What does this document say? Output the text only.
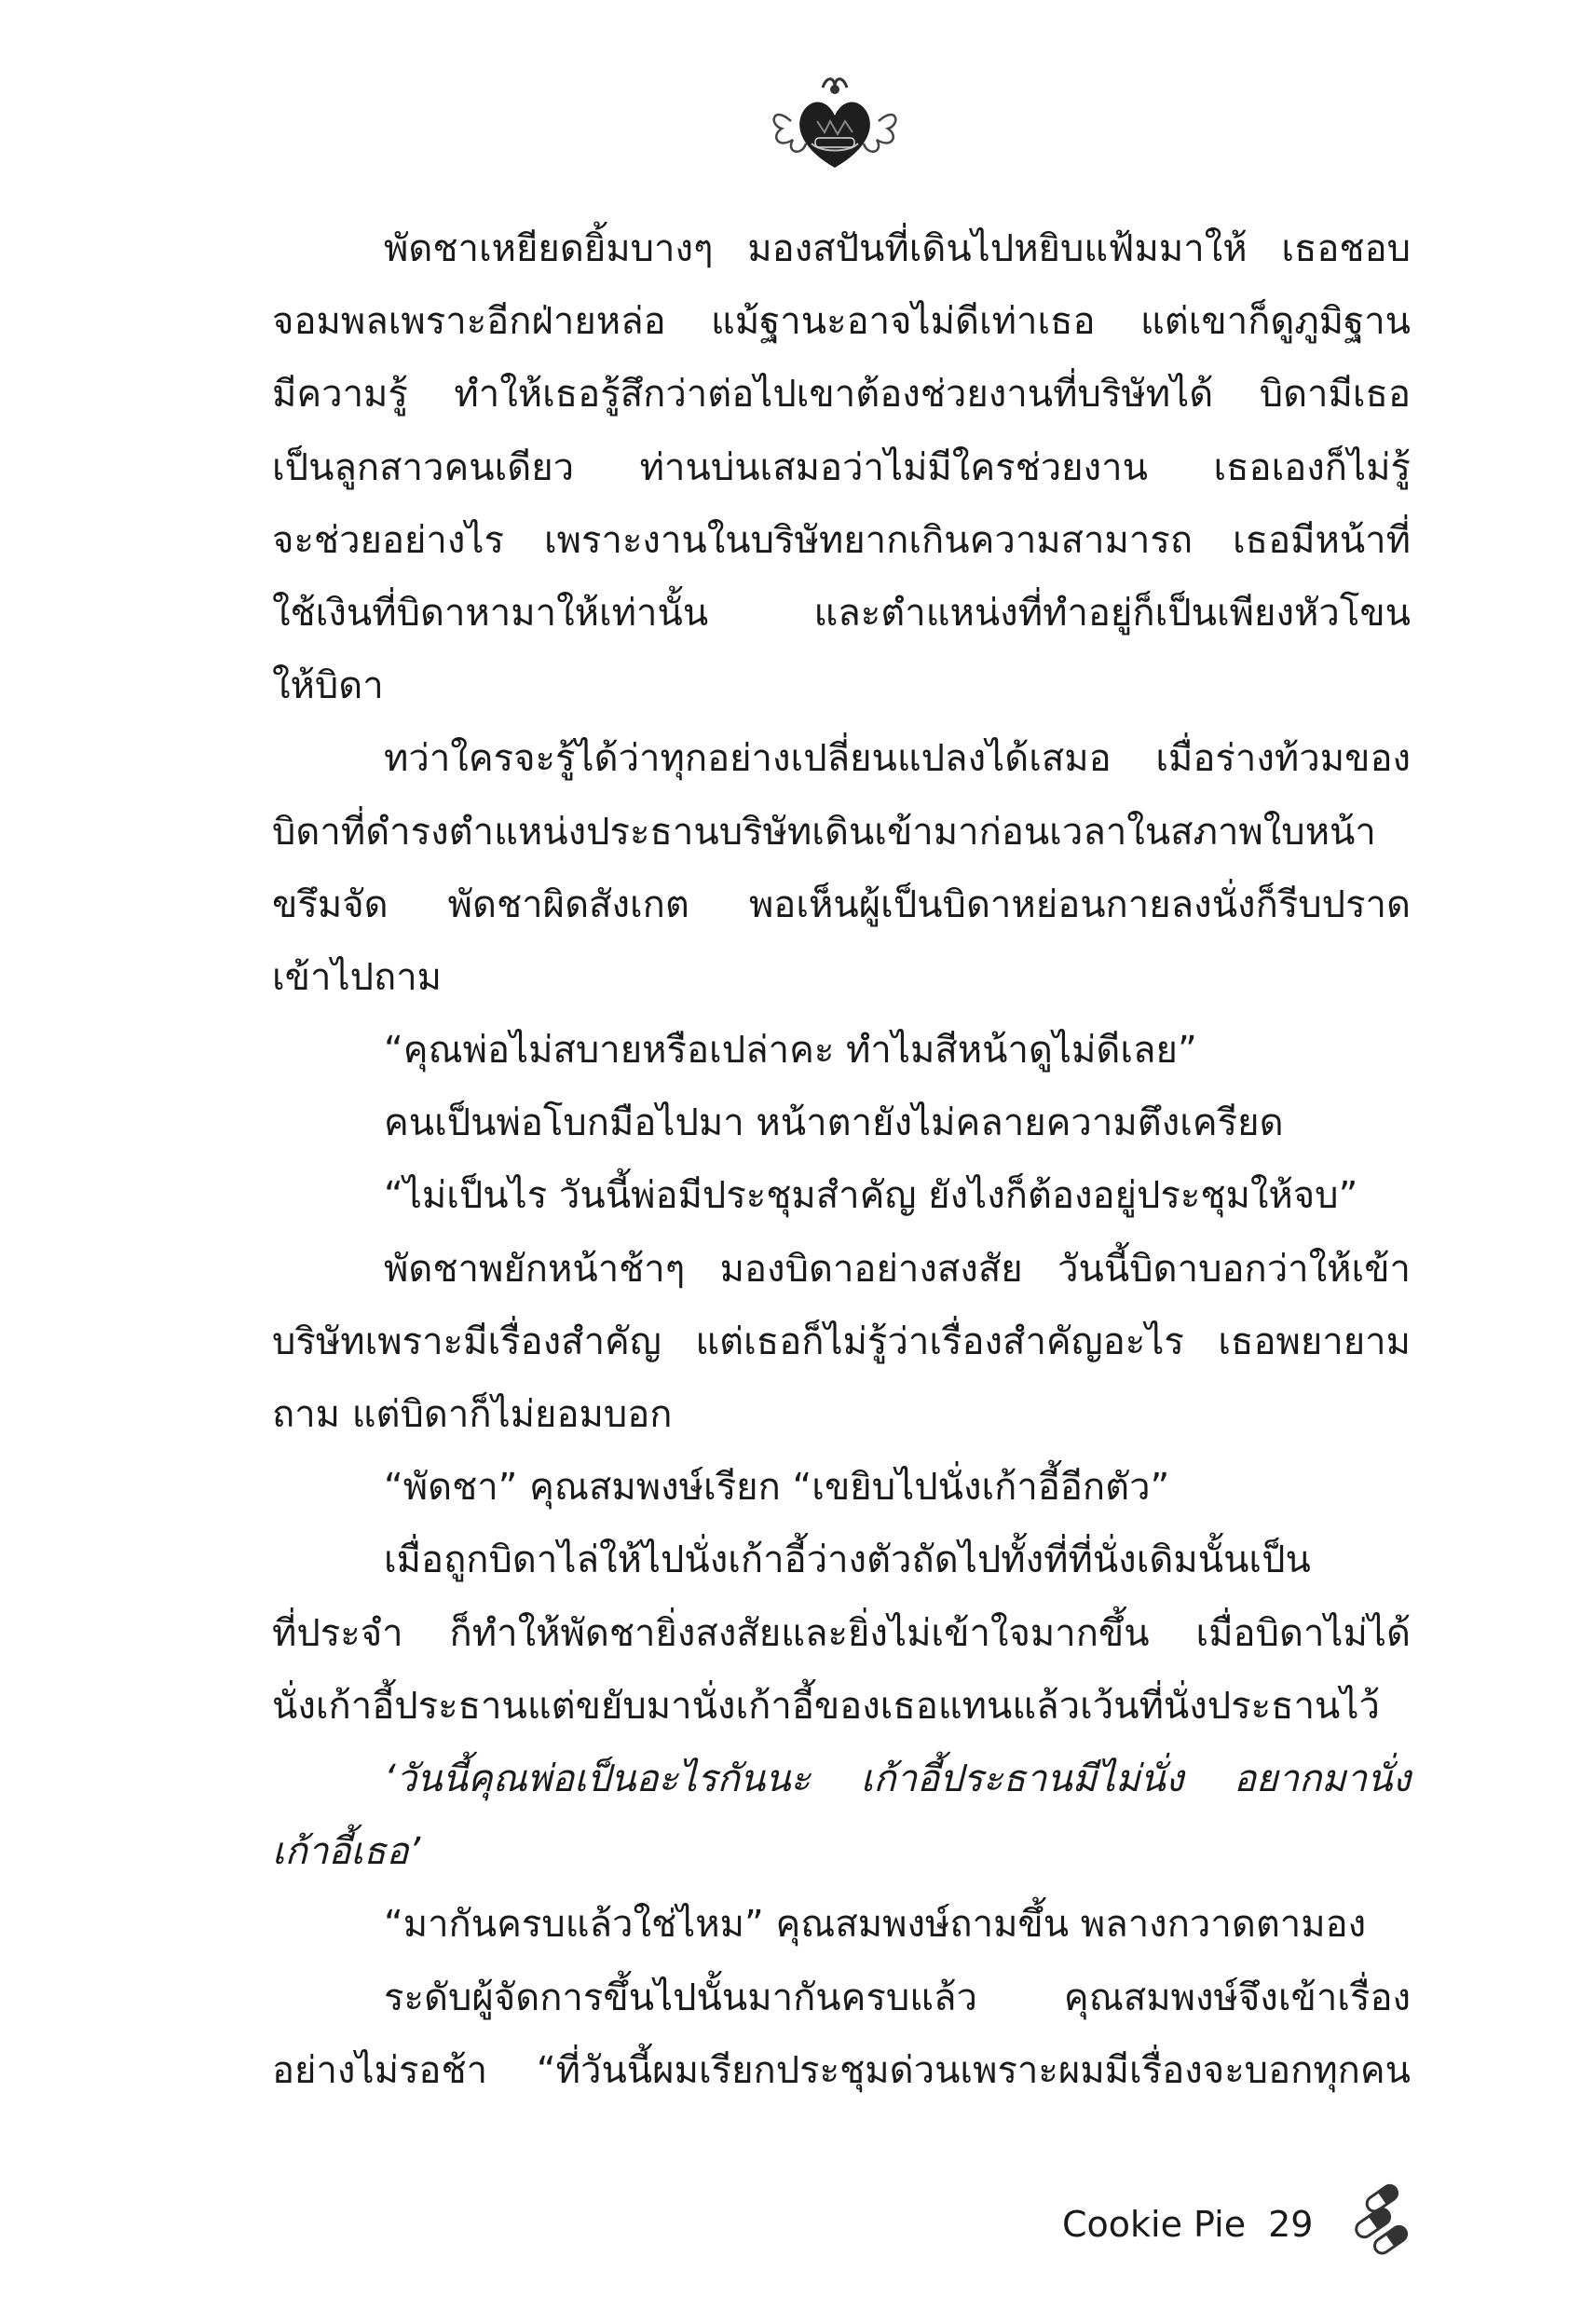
พัดชาเหยียดยิ้มบางๆ มองสปันที่เดินไปหยิบแฟ้มมาให้ เธอชอบ
จอมพลเพราะอีกฝ่ายหล่อ แม้ฐานะอาจไม่ดีเท่าเธอ แต่เขาก็ดูภูมิฐาน
มีความรู้ ทำให้เธอรู้สึกว่าต่อไปเขาต้องช่วยงานที่บริษัทได้ บิดามีเธอ
เป็นลูกสาวคนเดียว ท่านบ่นเสมอว่าไม่มีใครช่วยงาน เธอเองก็ไม่รู้
จะช่วยอย่างไร เพราะงานในบริษัทยากเกินความสามารถ เธอมีหน้าที่
ใช้เงินที่บิดาหามาให้เท่านั้น และตำแหน่งที่ทำอยู่ก็เป็นเพียงหัวโขน
ให้บิดา
ทว่าใครจะรู้ได้ว่าทุกอย่างเปลี่ยนแปลงได้เสมอ เมื่อร่างท้วมของ
บิดาที่ดำรงตำแหน่งประธานบริษัทเดินเข้ามาก่อนเวลาในสภาพใบหน้า
ขรึมจัด พัดชาผิดสังเกต พอเห็นผู้เป็นบิดาหย่อนกายลงนั่งก็รีบปราด
เข้าไปถาม
“คุณพ่อไม่สบายหรือเปล่าคะ ทำไมสีหน้าดูไม่ดีเลย”
คนเป็นพ่อโบกมือไปมา หน้าตายังไม่คลายความตึงเครียด
“ไม่เป็นไร วันนี้พ่อมีประชุมสำคัญ ยังไงก็ต้องอยู่ประชุมให้จบ”
พัดชาพยักหน้าช้าๆ มองบิดาอย่างสงสัย วันนี้บิดาบอกว่าให้เข้า
บริษัทเพราะมีเรื่องสำคัญ แต่เธอก็ไม่รู้ว่าเรื่องสำคัญอะไร เธอพยายาม
ถาม แต่บิดาก็ไม่ยอมบอก
“พัดชา” คุณสมพงษ์เรียก “เขยิบไปนั่งเก้าอี้อีกตัว”
เมื่อถูกบิดาไล่ให้ไปนั่งเก้าอี้ว่างตัวถัดไปทั้งที่ที่นั่งเดิมนั้นเป็น
ที่ประจำ ก็ทำให้พัดชายิ่งสงสัยและยิ่งไม่เข้าใจมากขึ้น เมื่อบิดาไม่ได้
นั่งเก้าอี้ประธานแต่ขยับมานั่งเก้าอี้ของเธอแทนแล้วเว้นที่นั่งประธานไว้
‘วันนี้คุณพ่อเป็นอะไรกันนะ เก้าอี้ประธานมีไม่นั่ง อยากมานั่ง
เก้าอี้เธอ’
“มากันครบแล้วใช่ไหม” คุณสมพงษ์ถามขึ้น พลางกวาดตามอง
ระดับผู้จัดการขึ้นไปนั้นมากันครบแล้ว คุณสมพงษ์จึงเข้าเรื่อง
อย่างไม่รอช้า “ที่วันนี้ผมเรียกประชุมด่วนเพราะผมมีเรื่องจะบอกทุกคน
Cookie Pie 29
